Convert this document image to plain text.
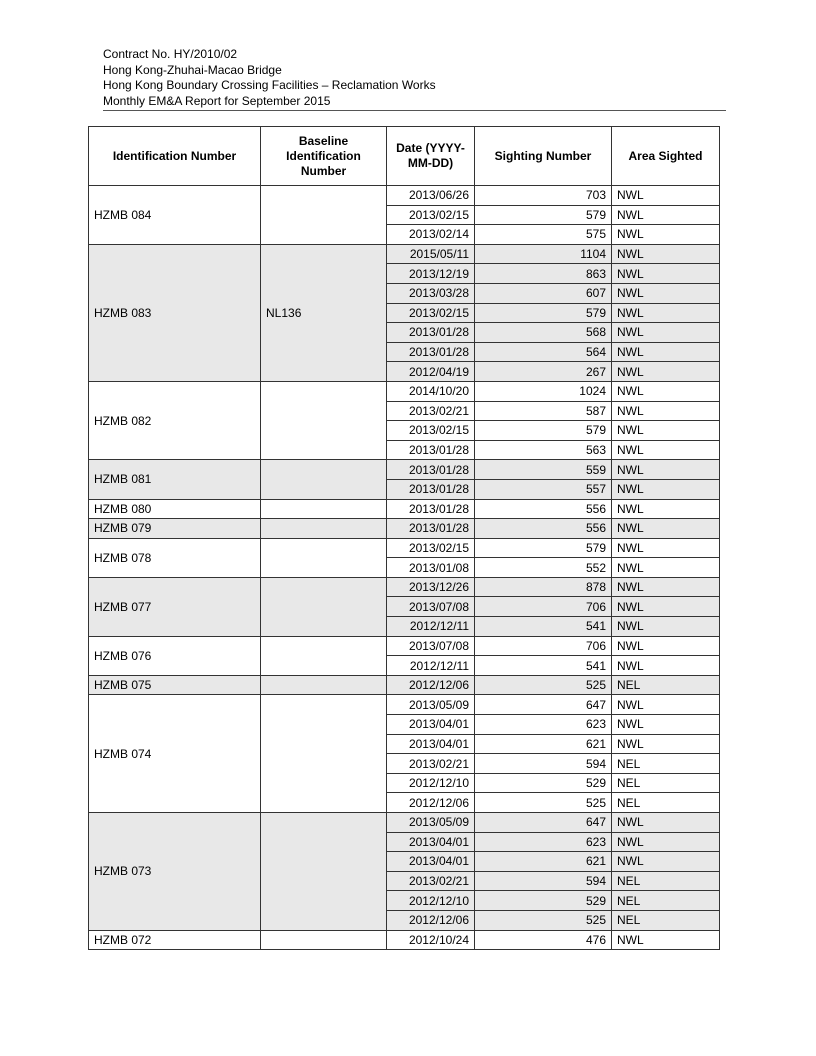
Contract No. HY/2010/02
Hong Kong-Zhuhai-Macao Bridge
Hong Kong Boundary Crossing Facilities – Reclamation Works
Monthly EM&A Report for September 2015
Identification Number	Baseline Identification Number	Date (YYYY-MM-DD)	Sighting Number	Area Sighted
HZMB 084		2013/06/26	703	NWL
		2013/02/15	579	NWL
		2013/02/14	575	NWL
HZMB 083	NL136	2015/05/11	1104	NWL
		2013/12/19	863	NWL
		2013/03/28	607	NWL
		2013/02/15	579	NWL
		2013/01/28	568	NWL
		2013/01/28	564	NWL
		2012/04/19	267	NWL
HZMB 082		2014/10/20	1024	NWL
		2013/02/21	587	NWL
		2013/02/15	579	NWL
		2013/01/28	563	NWL
HZMB 081		2013/01/28	559	NWL
		2013/01/28	557	NWL
HZMB 080		2013/01/28	556	NWL
HZMB 079		2013/01/28	556	NWL
HZMB 078		2013/02/15	579	NWL
		2013/01/08	552	NWL
HZMB 077		2013/12/26	878	NWL
		2013/07/08	706	NWL
		2012/12/11	541	NWL
HZMB 076		2013/07/08	706	NWL
		2012/12/11	541	NWL
HZMB 075		2012/12/06	525	NEL
HZMB 074		2013/05/09	647	NWL
		2013/04/01	623	NWL
		2013/04/01	621	NWL
		2013/02/21	594	NEL
		2012/12/10	529	NEL
		2012/12/06	525	NEL
HZMB 073		2013/05/09	647	NWL
		2013/04/01	623	NWL
		2013/04/01	621	NWL
		2013/02/21	594	NEL
		2012/12/10	529	NEL
		2012/12/06	525	NEL
HZMB 072		2012/10/24	476	NWL
